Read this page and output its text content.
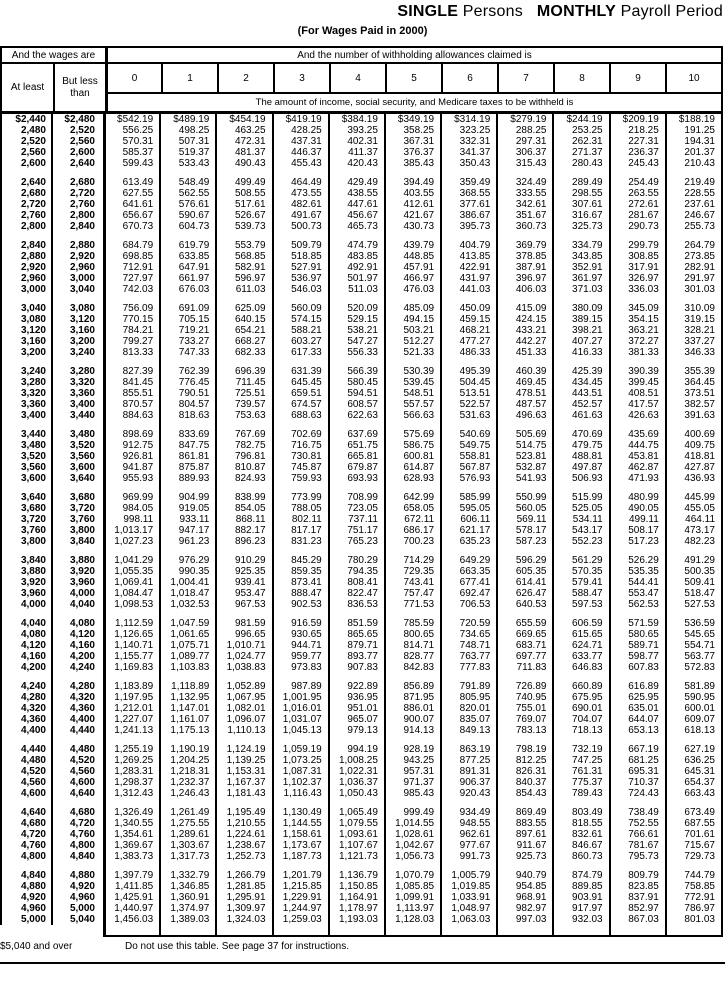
SINGLE Persons MONTHLY Payroll Period
(For Wages Paid in 2000)
And the wages are	And the number of withholding allowances claimed is
At least
But less than
0	1	2	3	4	5	6	7	8	9	10
The amount of income, social security, and Medicare taxes to be withheld is
$2,440	$2,480	$542.19	$489.19	$454.19	$419.19	$384.19	$349.19	$314.19	$279.19	$244.19	$209.19	$188.19
2,480	2,520	556.25	498.25	463.25	428.25	393.25	358.25	323.25	288.25	253.25	218.25	191.25
2,520	2,560	570.31	507.31	472.31	437.31	402.31	367.31	332.31	297.31	262.31	227.31	194.31
2,560	2,600	585.37	519.37	481.37	446.37	411.37	376.37	341.37	306.37	271.37	236.37	201.37
2,600	2,640	599.43	533.43	490.43	455.43	420.43	385.43	350.43	315.43	280.43	245.43	210.43
2,640	2,680	613.49	548.49	499.49	464.49	429.49	394.49	359.49	324.49	289.49	254.49	219.49
2,680	2,720	627.55	562.55	508.55	473.55	438.55	403.55	368.55	333.55	298.55	263.55	228.55
2,720	2,760	641.61	576.61	517.61	482.61	447.61	412.61	377.61	342.61	307.61	272.61	237.61
2,760	2,800	656.67	590.67	526.67	491.67	456.67	421.67	386.67	351.67	316.67	281.67	246.67
2,800	2,840	670.73	604.73	539.73	500.73	465.73	430.73	395.73	360.73	325.73	290.73	255.73
2,840	2,880	684.79	619.79	553.79	509.79	474.79	439.79	404.79	369.79	334.79	299.79	264.79
2,880	2,920	698.85	633.85	568.85	518.85	483.85	448.85	413.85	378.85	343.85	308.85	273.85
2,920	2,960	712.91	647.91	582.91	527.91	492.91	457.91	422.91	387.91	352.91	317.91	282.91
2,960	3,000	727.97	661.97	596.97	536.97	501.97	466.97	431.97	396.97	361.97	326.97	291.97
3,000	3,040	742.03	676.03	611.03	546.03	511.03	476.03	441.03	406.03	371.03	336.03	301.03
3,040	3,080	756.09	691.09	625.09	560.09	520.09	485.09	450.09	415.09	380.09	345.09	310.09
3,080	3,120	770.15	705.15	640.15	574.15	529.15	494.15	459.15	424.15	389.15	354.15	319.15
3,120	3,160	784.21	719.21	654.21	588.21	538.21	503.21	468.21	433.21	398.21	363.21	328.21
3,160	3,200	799.27	733.27	668.27	603.27	547.27	512.27	477.27	442.27	407.27	372.27	337.27
3,200	3,240	813.33	747.33	682.33	617.33	556.33	521.33	486.33	451.33	416.33	381.33	346.33
3,240	3,280	827.39	762.39	696.39	631.39	566.39	530.39	495.39	460.39	425.39	390.39	355.39
3,280	3,320	841.45	776.45	711.45	645.45	580.45	539.45	504.45	469.45	434.45	399.45	364.45
3,320	3,360	855.51	790.51	725.51	659.51	594.51	548.51	513.51	478.51	443.51	408.51	373.51
3,360	3,400	870.57	804.57	739.57	674.57	608.57	557.57	522.57	487.57	452.57	417.57	382.57
3,400	3,440	884.63	818.63	753.63	688.63	622.63	566.63	531.63	496.63	461.63	426.63	391.63
3,440	3,480	898.69	833.69	767.69	702.69	637.69	575.69	540.69	505.69	470.69	435.69	400.69
3,480	3,520	912.75	847.75	782.75	716.75	651.75	586.75	549.75	514.75	479.75	444.75	409.75
3,520	3,560	926.81	861.81	796.81	730.81	665.81	600.81	558.81	523.81	488.81	453.81	418.81
3,560	3,600	941.87	875.87	810.87	745.87	679.87	614.87	567.87	532.87	497.87	462.87	427.87
3,600	3,640	955.93	889.93	824.93	759.93	693.93	628.93	576.93	541.93	506.93	471.93	436.93
3,640	3,680	969.99	904.99	838.99	773.99	708.99	642.99	585.99	550.99	515.99	480.99	445.99
3,680	3,720	984.05	919.05	854.05	788.05	723.05	658.05	595.05	560.05	525.05	490.05	455.05
3,720	3,760	998.11	933.11	868.11	802.11	737.11	672.11	606.11	569.11	534.11	499.11	464.11
3,760	3,800	1,013.17	947.17	882.17	817.17	751.17	686.17	621.17	578.17	543.17	508.17	473.17
3,800	3,840	1,027.23	961.23	896.23	831.23	765.23	700.23	635.23	587.23	552.23	517.23	482.23
3,840	3,880	1,041.29	976.29	910.29	845.29	780.29	714.29	649.29	596.29	561.29	526.29	491.29
3,880	3,920	1,055.35	990.35	925.35	859.35	794.35	729.35	663.35	605.35	570.35	535.35	500.35
3,920	3,960	1,069.41	1,004.41	939.41	873.41	808.41	743.41	677.41	614.41	579.41	544.41	509.41
3,960	4,000	1,084.47	1,018.47	953.47	888.47	822.47	757.47	692.47	626.47	588.47	553.47	518.47
4,000	4,040	1,098.53	1,032.53	967.53	902.53	836.53	771.53	706.53	640.53	597.53	562.53	527.53
4,040	4,080	1,112.59	1,047.59	981.59	916.59	851.59	785.59	720.59	655.59	606.59	571.59	536.59
4,080	4,120	1,126.65	1,061.65	996.65	930.65	865.65	800.65	734.65	669.65	615.65	580.65	545.65
4,120	4,160	1,140.71	1,075.71	1,010.71	944.71	879.71	814.71	748.71	683.71	624.71	589.71	554.71
4,160	4,200	1,155.77	1,089.77	1,024.77	959.77	893.77	828.77	763.77	697.77	633.77	598.77	563.77
4,200	4,240	1,169.83	1,103.83	1,038.83	973.83	907.83	842.83	777.83	711.83	646.83	607.83	572.83
4,240	4,280	1,183.89	1,118.89	1,052.89	987.89	922.89	856.89	791.89	726.89	660.89	616.89	581.89
4,280	4,320	1,197.95	1,132.95	1,067.95	1,001.95	936.95	871.95	805.95	740.95	675.95	625.95	590.95
4,320	4,360	1,212.01	1,147.01	1,082.01	1,016.01	951.01	886.01	820.01	755.01	690.01	635.01	600.01
4,360	4,400	1,227.07	1,161.07	1,096.07	1,031.07	965.07	900.07	835.07	769.07	704.07	644.07	609.07
4,400	4,440	1,241.13	1,175.13	1,110.13	1,045.13	979.13	914.13	849.13	783.13	718.13	653.13	618.13
4,440	4,480	1,255.19	1,190.19	1,124.19	1,059.19	994.19	928.19	863.19	798.19	732.19	667.19	627.19
4,480	4,520	1,269.25	1,204.25	1,139.25	1,073.25	1,008.25	943.25	877.25	812.25	747.25	681.25	636.25
4,520	4,560	1,283.31	1,218.31	1,153.31	1,087.31	1,022.31	957.31	891.31	826.31	761.31	695.31	645.31
4,560	4,600	1,298.37	1,232.37	1,167.37	1,102.37	1,036.37	971.37	906.37	840.37	775.37	710.37	654.37
4,600	4,640	1,312.43	1,246.43	1,181.43	1,116.43	1,050.43	985.43	920.43	854.43	789.43	724.43	663.43
4,640	4,680	1,326.49	1,261.49	1,195.49	1,130.49	1,065.49	999.49	934.49	869.49	803.49	738.49	673.49
4,680	4,720	1,340.55	1,275.55	1,210.55	1,144.55	1,079.55	1,014.55	948.55	883.55	818.55	752.55	687.55
4,720	4,760	1,354.61	1,289.61	1,224.61	1,158.61	1,093.61	1,028.61	962.61	897.61	832.61	766.61	701.61
4,760	4,800	1,369.67	1,303.67	1,238.67	1,173.67	1,107.67	1,042.67	977.67	911.67	846.67	781.67	715.67
4,800	4,840	1,383.73	1,317.73	1,252.73	1,187.73	1,121.73	1,056.73	991.73	925.73	860.73	795.73	729.73
4,840	4,880	1,397.79	1,332.79	1,266.79	1,201.79	1,136.79	1,070.79	1,005.79	940.79	874.79	809.79	744.79
4,880	4,920	1,411.85	1,346.85	1,281.85	1,215.85	1,150.85	1,085.85	1,019.85	954.85	889.85	823.85	758.85
4,920	4,960	1,425.91	1,360.91	1,295.91	1,229.91	1,164.91	1,099.91	1,033.91	968.91	903.91	837.91	772.91
4,960	5,000	1,440.97	1,374.97	1,309.97	1,244.97	1,178.97	1,113.97	1,048.97	982.97	917.97	852.97	786.97
5,000	5,040	1,456.03	1,389.03	1,324.03	1,259.03	1,193.03	1,128.03	1,063.03	997.03	932.03	867.03	801.03
$5,040 and over	Do not use this table. See page 37 for instructions.
